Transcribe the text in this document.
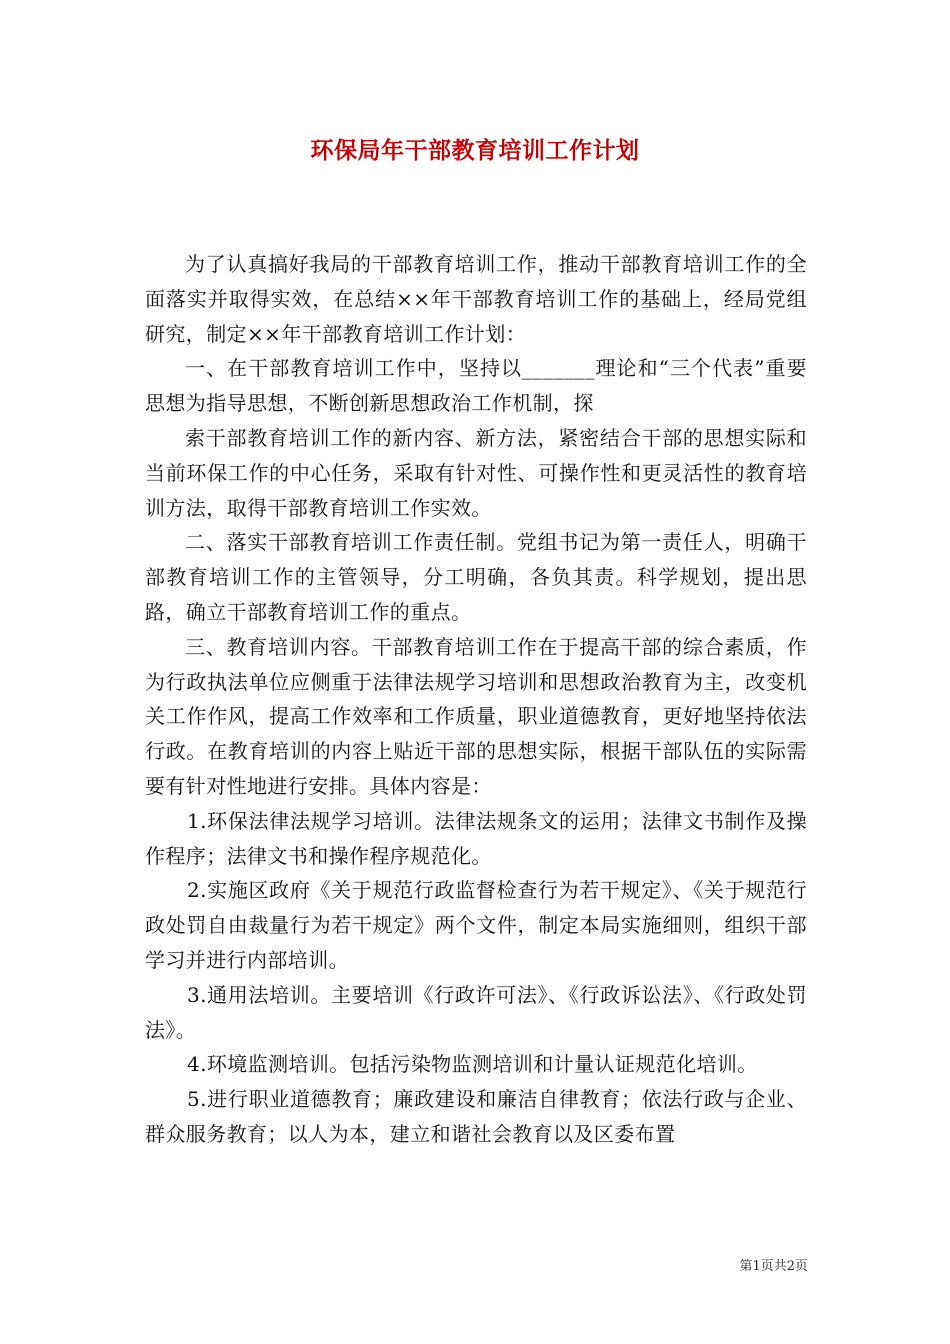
环保局年干部教育培训工作计划

为了认真搞好我局的干部教育培训工作，推动干部教育培训工作的全面落实并取得实效，在总结××年干部教育培训工作的基础上，经局党组研究，制定××年干部教育培训工作计划：

一、在干部教育培训工作中，坚持以_______理论和“三个代表”重要思想为指导思想，不断创新思想政治工作机制，探

索干部教育培训工作的新内容、新方法，紧密结合干部的思想实际和当前环保工作的中心任务，采取有针对性、可操作性和更灵活性的教育培训方法，取得干部教育培训工作实效。

二、落实干部教育培训工作责任制。党组书记为第一责任人，明确干部教育培训工作的主管领导，分工明确，各负其责。科学规划，提出思路，确立干部教育培训工作的重点。

三、教育培训内容。干部教育培训工作在于提高干部的综合素质，作为行政执法单位应侧重于法律法规学习培训和思想政治教育为主，改变机关工作作风，提高工作效率和工作质量，职业道德教育，更好地坚持依法行政。在教育培训的内容上贴近干部的思想实际，根据干部队伍的实际需要有针对性地进行安排。具体内容是：

1.环保法律法规学习培训。法律法规条文的运用；法律文书制作及操作程序；法律文书和操作程序规范化。

2.实施区政府《关于规范行政监督检查行为若干规定》、《关于规范行政处罚自由裁量行为若干规定》两个文件，制定本局实施细则，组织干部学习并进行内部培训。

3.通用法培训。主要培训《行政许可法》、《行政诉讼法》、《行政处罚法》。

4.环境监测培训。包括污染物监测培训和计量认证规范化培训。

5.进行职业道德教育；廉政建设和廉洁自律教育；依法行政与企业、群众服务教育；以人为本，建立和谐社会教育以及区委布置

第1页共2页
